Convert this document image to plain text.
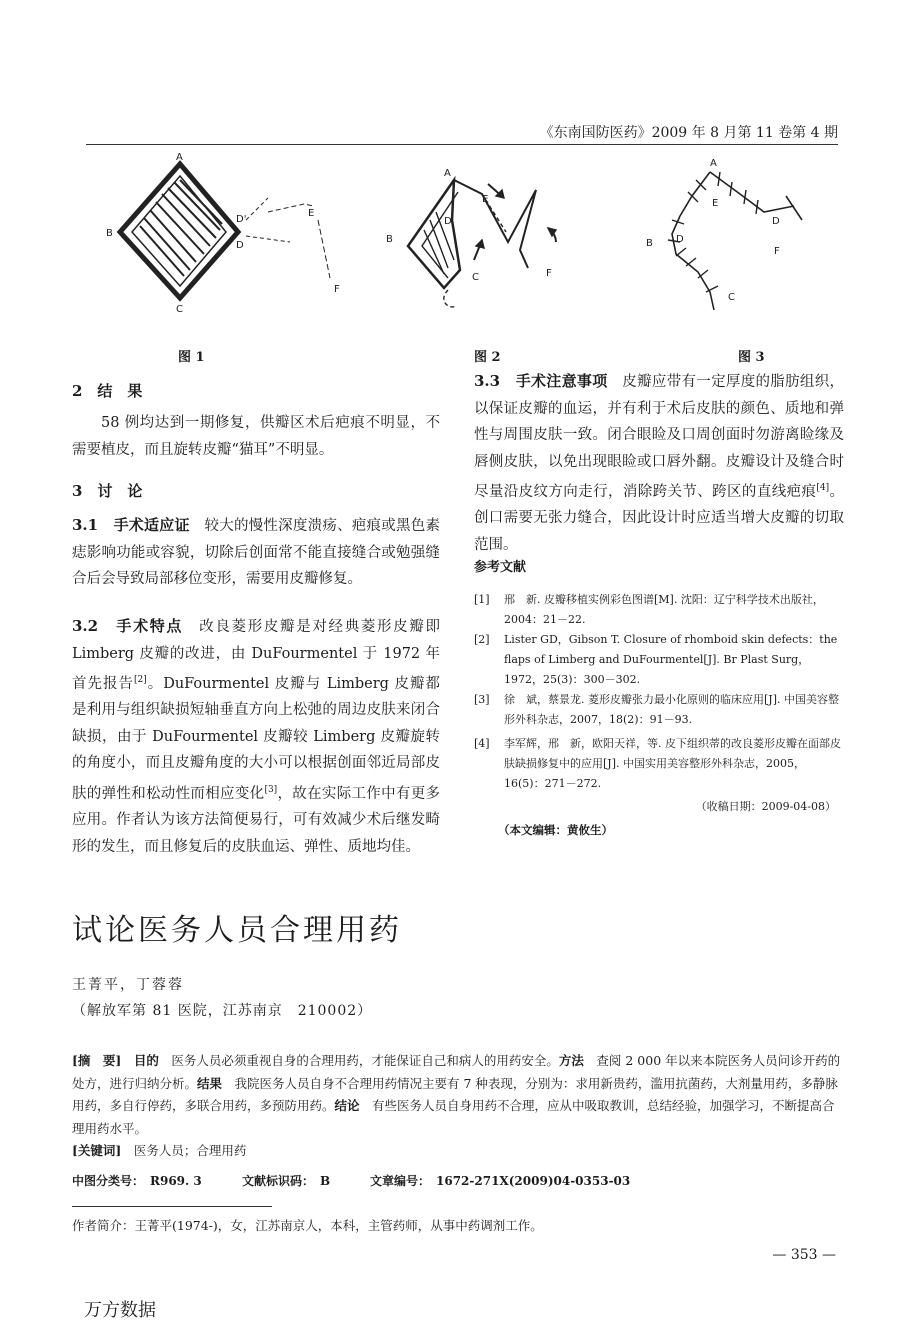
《东南国防医药》2009 年 8 月第 11 卷第 4 期
A
B
C
D'
D
E
F
A
B
C
D
E
F
A
B
C
D
D
E
F
图 1	图 2	图 3
2　结　果
58 例均达到一期修复，供瓣区术后疤痕不明显，不需要植皮，而且旋转皮瓣“猫耳”不明显。
3　讨　论
3.1　手术适应证　较大的慢性深度溃疡、疤痕或黑色素痣影响功能或容貌，切除后创面常不能直接缝合或勉强缝合后会导致局部移位变形，需要用皮瓣修复。
3.2　手术特点　改良菱形皮瓣是对经典菱形皮瓣即 Limberg 皮瓣的改进，由 DuFourmentel 于 1972 年首先报告[2]。DuFourmentel 皮瓣与 Limberg 皮瓣都是利用与组织缺损短轴垂直方向上松弛的周边皮肤来闭合缺损，由于 DuFourmentel 皮瓣较 Limberg 皮瓣旋转的角度小，而且皮瓣角度的大小可以根据创面邻近局部皮肤的弹性和松动性而相应变化[3]，故在实际工作中有更多应用。作者认为该方法简便易行，可有效减少术后继发畸形的发生，而且修复后的皮肤血运、弹性、质地均佳。
3.3　手术注意事项　皮瓣应带有一定厚度的脂肪组织，以保证皮瓣的血运，并有利于术后皮肤的颜色、质地和弹性与周围皮肤一致。闭合眼睑及口周创面时勿游离睑缘及唇侧皮肤，以免出现眼睑或口唇外翻。皮瓣设计及缝合时尽量沿皮纹方向走行，消除跨关节、跨区的直线疤痕[4]。创口需要无张力缝合，因此设计时应适当增大皮瓣的切取范围。
参考文献
[1]	邢　新. 皮瓣移植实例彩色图谱[M]. 沈阳：辽宁科学技术出版社，2004：21－22.
[2]	Lister GD，Gibson T. Closure of rhomboid skin defects：the flaps of Limberg and DuFourmentel[J]. Br Plast Surg，1972，25(3)：300－302.
[3]	徐　斌，蔡景龙. 菱形皮瓣张力最小化原则的临床应用[J]. 中国美容整形外科杂志，2007，18(2)：91－93.
[4]	李军辉，邢　新，欧阳天祥，等. 皮下组织蒂的改良菱形皮瓣在面部皮肤缺损修复中的应用[J]. 中国实用美容整形外科杂志，2005，16(5)：271－272.
（收稿日期：2009-04-08）
（本文编辑：黄攸生）
试论医务人员合理用药
王菁平，丁蓉蓉
（解放军第 81 医院，江苏南京　210002）
[摘　要]　 目的　医务人员必须重视自身的合理用药，才能保证自己和病人的用药安全。方法　查阅 2 000 年以来本院医务人员问诊开药的处方，进行归纳分析。结果　我院医务人员自身不合理用药情况主要有 7 种表现，分别为：求用新贵药，滥用抗菌药，大剂量用药，多静脉用药，多自行停药，多联合用药，多预防用药。结论　有些医务人员自身用药不合理，应从中吸取教训，总结经验，加强学习，不断提高合理用药水平。
[关键词]　医务人员；合理用药
中图分类号：　R969. 3	文献标识码：　B	文章编号：　1672-271X(2009)04-0353-03
作者简介：王菁平(1974-)，女，江苏南京人，本科，主管药师，从事中药调剂工作。
— 353 —
万方数据
